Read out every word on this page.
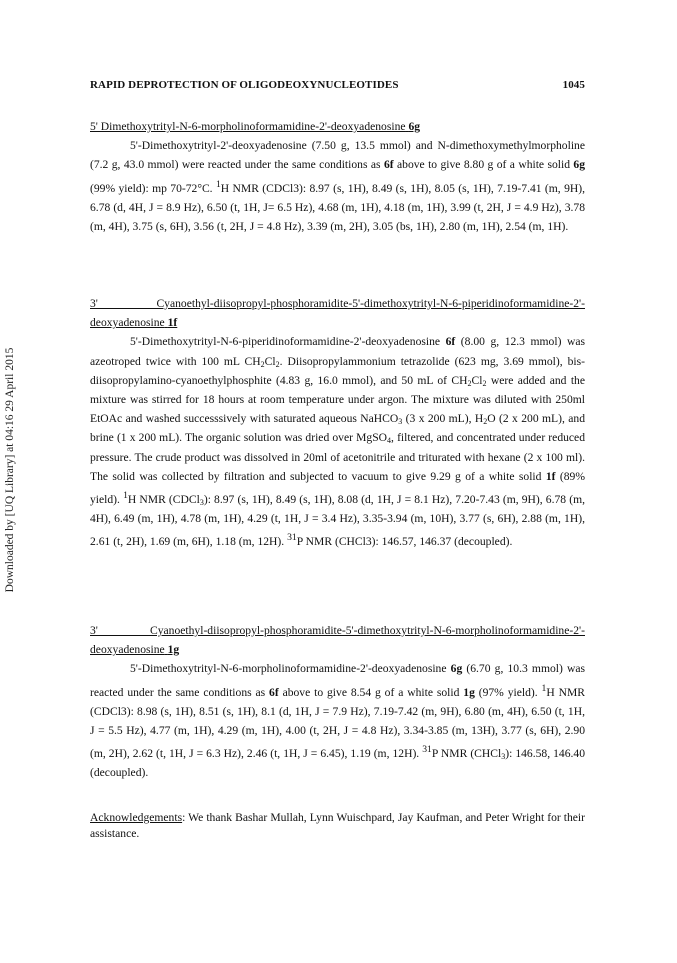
Downloaded by [UQ Library] at 04:16 29 April 2015
RAPID DEPROTECTION OF OLIGODEOXYNUCLEOTIDES	1045

5' Dimethoxytrityl-N-6-morpholinoformamidine-2'-deoxyadenosine 6g

5'-Dimethoxytrityl-2'-deoxyadenosine (7.50 g, 13.5 mmol) and N-dimethoxymethylmorpholine (7.2 g, 43.0 mmol) were reacted under the same conditions as 6f above to give 8.80 g of a white solid 6g (99% yield): mp 70-72°C. $^1$H NMR (CDCl3): 8.97 (s, 1H), 8.49 (s, 1H), 8.05 (s, 1H), 7.19-7.41 (m, 9H), 6.78 (d, 4H, J = 8.9 Hz), 6.50 (t, 1H, J= 6.5 Hz), 4.68 (m, 1H), 4.18 (m, 1H), 3.99 (t, 2H, J = 4.9 Hz), 3.78 (m, 4H), 3.75 (s, 6H), 3.56 (t, 2H, J = 4.8 Hz), 3.39 (m, 2H), 3.05 (bs, 1H), 2.80 (m, 1H), 2.54 (m, 1H).

3' Cyanoethyl-diisopropyl-phosphoramidite-5'-dimethoxytrityl-N-6-piperidinoformamidine-2'-deoxyadenosine 1f

5'-Dimethoxytrityl-N-6-piperidinoformamidine-2'-deoxyadenosine 6f (8.00 g, 12.3 mmol) was azeotroped twice with 100 mL $CH_2Cl_2$. Diisopropylammonium tetrazolide (623 mg, 3.69 mmol), bis-diisopropylamino-cyanoethylphosphite (4.83 g, 16.0 mmol), and 50 mL of $CH_2Cl_2$ were added and the mixture was stirred for 18 hours at room temperature under argon. The mixture was diluted with 250ml EtOAc and washed successsively with saturated aqueous NaHCO$_3$ (3 x 200 mL), $H_2O$ (2 x 200 mL), and brine (1 x 200 mL). The organic solution was dried over MgSO$_4$, filtered, and concentrated under reduced pressure. The crude product was dissolved in 20ml of acetonitrile and triturated with hexane (2 x 100 ml). The solid was collected by filtration and subjected to vacuum to give 9.29 g of a white solid 1f (89% yield). $^1$H NMR (CDCl$_3$): 8.97 (s, 1H), 8.49 (s, 1H), 8.08 (d, 1H, J = 8.1 Hz), 7.20-7.43 (m, 9H), 6.78 (m, 4H), 6.49 (m, 1H), 4.78 (m, 1H), 4.29 (t, 1H, J = 3.4 Hz), 3.35-3.94 (m, 10H), 3.77 (s, 6H), 2.88 (m, 1H), 2.61 (t, 2H), 1.69 (m, 6H), 1.18 (m, 12H). $^{31}$P NMR (CHCl3): 146.57, 146.37 (decoupled).

3' Cyanoethyl-diisopropyl-phosphoramidite-5'-dimethoxytrityl-N-6-morpholinoformamidine-2'-deoxyadenosine 1g

5'-Dimethoxytrityl-N-6-morpholinoformamidine-2'-deoxyadenosine 6g (6.70 g, 10.3 mmol) was reacted under the same conditions as 6f above to give 8.54 g of a white solid 1g (97% yield). $^1$H NMR (CDCl3): 8.98 (s, 1H), 8.51 (s, 1H), 8.1 (d, 1H, J = 7.9 Hz), 7.19-7.42 (m, 9H), 6.80 (m, 4H), 6.50 (t, 1H, J = 5.5 Hz), 4.77 (m, 1H), 4.29 (m, 1H), 4.00 (t, 2H, J = 4.8 Hz), 3.34-3.85 (m, 13H), 3.77 (s, 6H), 2.90 (m, 2H), 2.62 (t, 1H, J = 6.3 Hz), 2.46 (t, 1H, J = 6.45), 1.19 (m, 12H). $^{31}$P NMR (CHCl$_3$): 146.58, 146.40 (decoupled).

Acknowledgements: We thank Bashar Mullah, Lynn Wuischpard, Jay Kaufman, and Peter Wright for their assistance.
